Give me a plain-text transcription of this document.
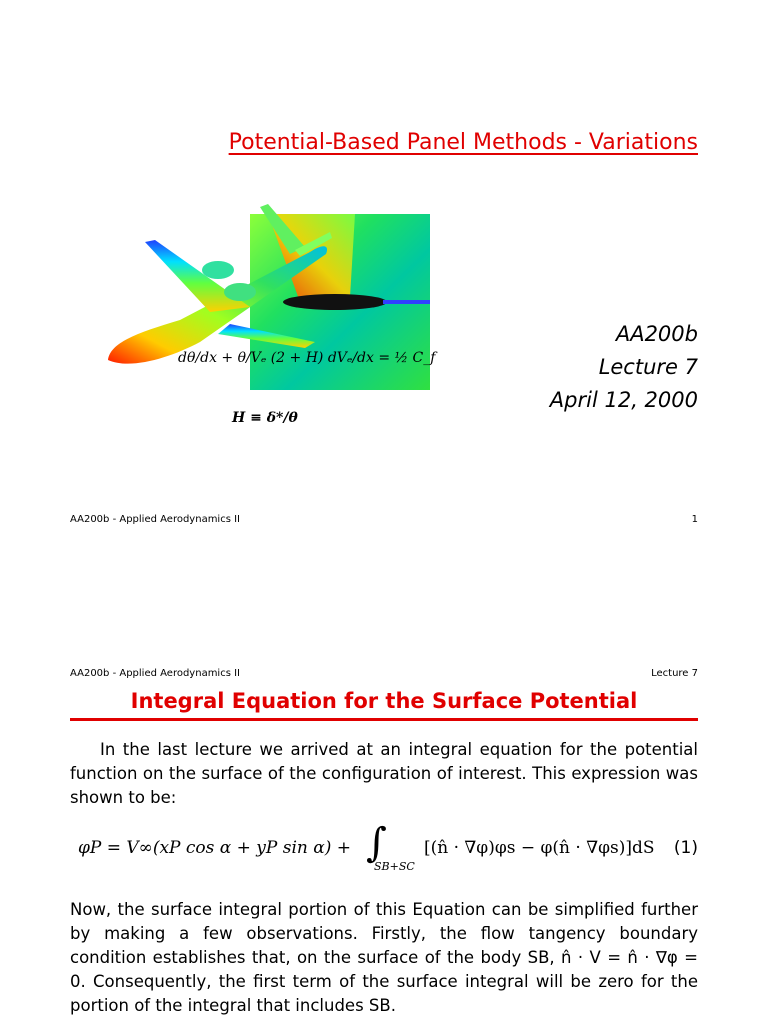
Potential-Based Panel Methods - Variations
dθ/dx + θ/Vₑ (2 + H) dVₑ/dx = ½ C_f
H ≡ δ*/θ
AA200b
Lecture 7
April 12, 2000
AA200b - Applied Aerodynamics II	1
AA200b - Applied Aerodynamics II	Lecture 7
Integral Equation for the Surface Potential

In the last lecture we arrived at an integral equation for the potential function on the surface of the configuration of interest. This expression was shown to be:

φP = V∞(xP cos α + yP sin α) + ∫
SB+SC
[(n̂ · ∇φ)φs − φ(n̂ · ∇φs)]dS (1)

Now, the surface integral portion of this Equation can be simplified further by making a few observations. Firstly, the flow tangency boundary condition establishes that, on the surface of the body SB, n̂ · V = n̂ · ∇φ = 0. Consequently, the first term of the surface integral will be zero for the portion of the integral that includes SB.
